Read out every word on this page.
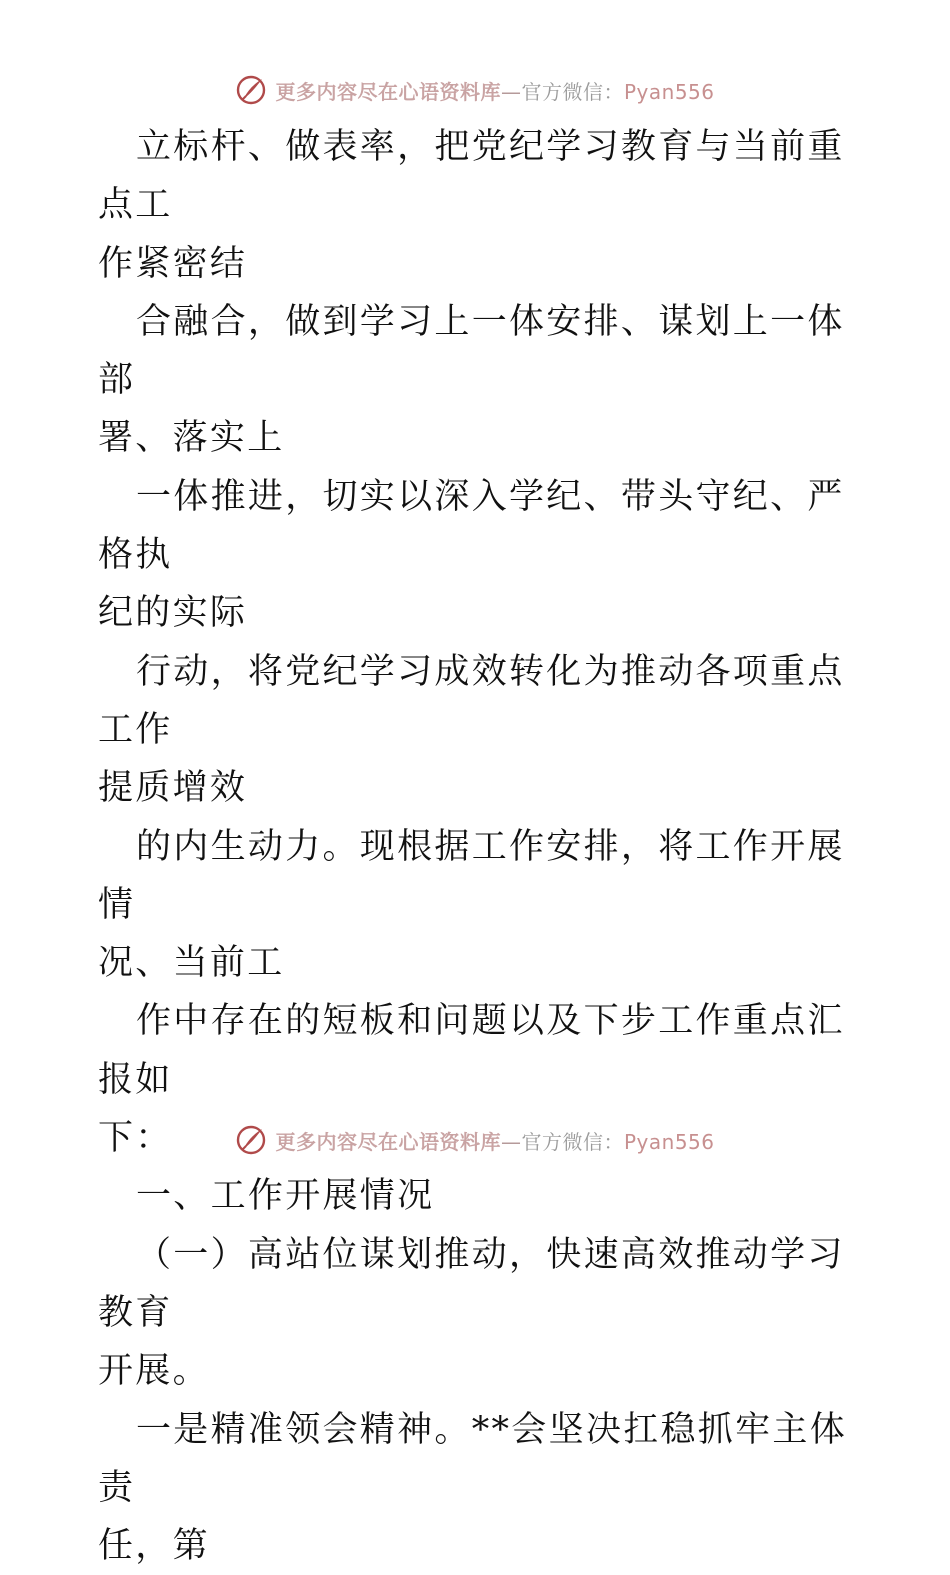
更多内容尽在心语资料库—官方微信：Pyan556

立标杆、做表率，把党纪学习教育与当前重点工
作紧密结

合融合，做到学习上一体安排、谋划上一体部
署、落实上

一体推进，切实以深入学纪、带头守纪、严格执
纪的实际

行动，将党纪学习成效转化为推动各项重点工作
提质增效

的内生动力。现根据工作安排，将工作开展情
况、当前工

作中存在的短板和问题以及下步工作重点汇报如
下：

一、工作开展情况

（一）高站位谋划推动，快速高效推动学习教育
开展。

一是精准领会精神。**会坚决扛稳抓牢主体责
任，第

更多内容尽在心语资料库—官方微信：Pyan556
